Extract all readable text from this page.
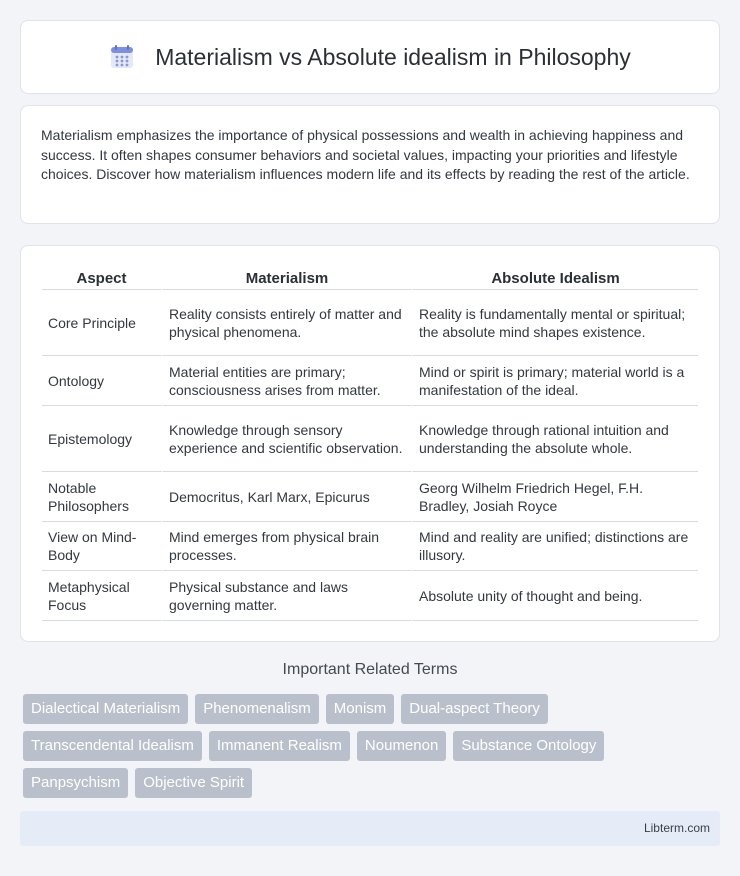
Materialism vs Absolute idealism in Philosophy

Materialism emphasizes the importance of physical possessions and wealth in achieving happiness and success. It often shapes consumer behaviors and societal values, impacting your priorities and lifestyle choices. Discover how materialism influences modern life and its effects by reading the rest of the article.

Aspect	Materialism	Absolute Idealism
Core Principle	Reality consists entirely of matter and physical phenomena.	Reality is fundamentally mental or spiritual; the absolute mind shapes existence.
Ontology	Material entities are primary; consciousness arises from matter.	Mind or spirit is primary; material world is a manifestation of the ideal.
Epistemology	Knowledge through sensory experience and scientific observation.	Knowledge through rational intuition and understanding the absolute whole.
Notable Philosophers	Democritus, Karl Marx, Epicurus	Georg Wilhelm Friedrich Hegel, F.H. Bradley, Josiah Royce
View on Mind-Body	Mind emerges from physical brain processes.	Mind and reality are unified; distinctions are illusory.
Metaphysical Focus	Physical substance and laws governing matter.	Absolute unity of thought and being.
Important Related Terms
Dialectical Materialism	Phenomenalism	Monism	Dual-aspect Theory
Transcendental Idealism	Immanent Realism	Noumenon	Substance Ontology
Panpsychism	Objective Spirit
Libterm.com
